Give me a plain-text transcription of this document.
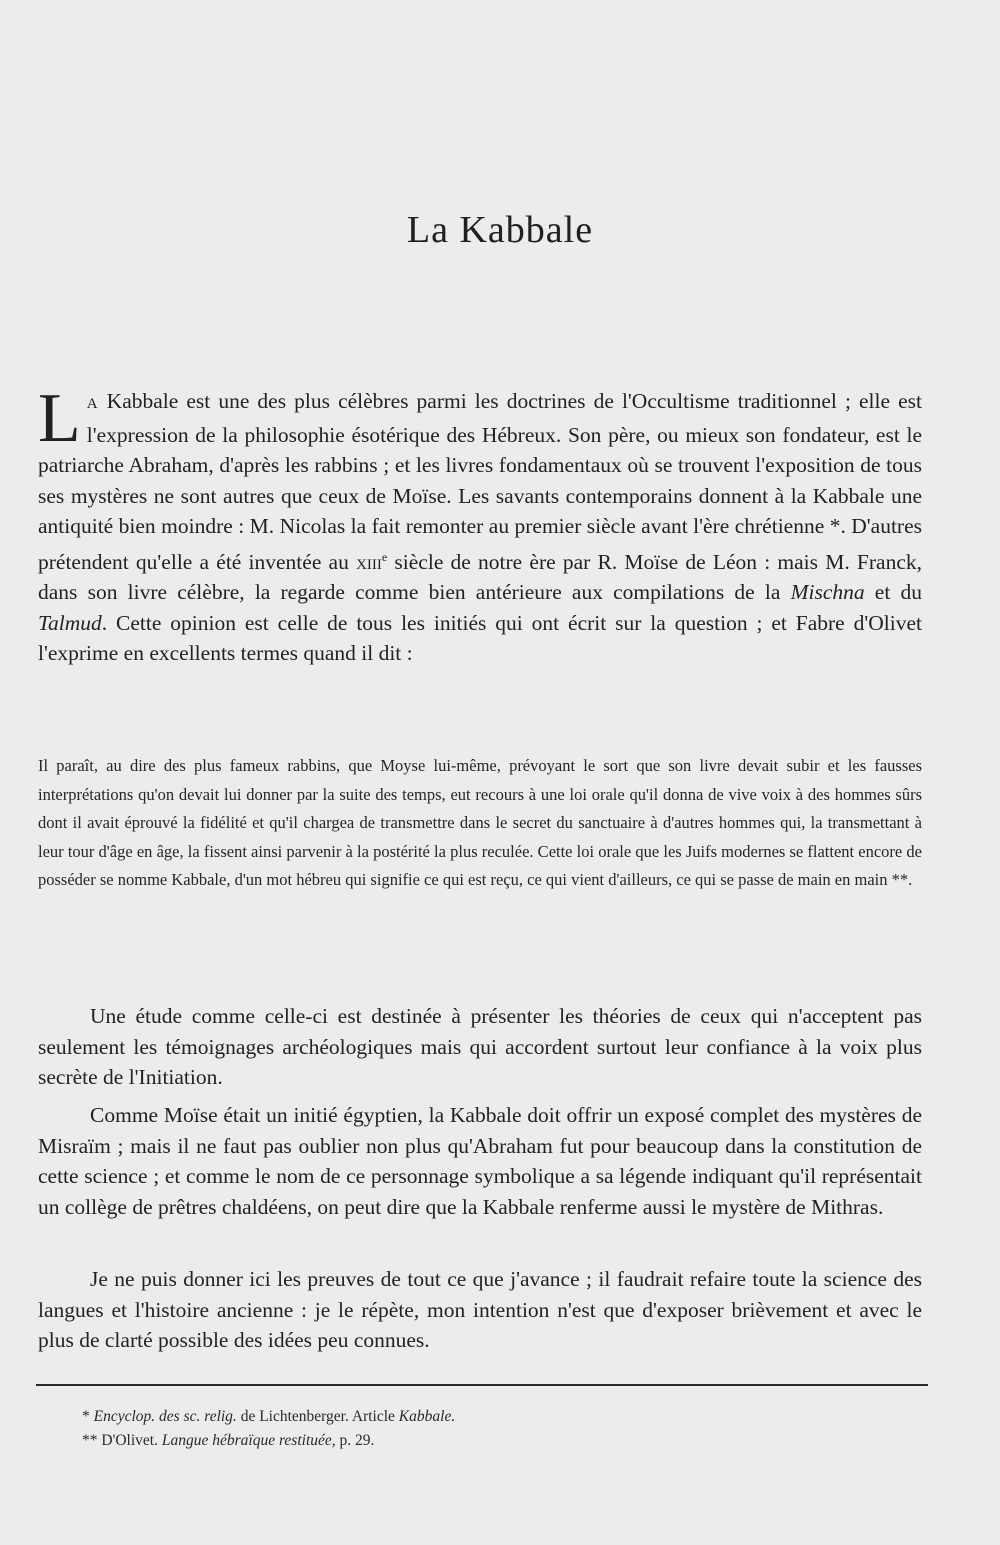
La Kabbale

L A Kabbale est une des plus célèbres parmi les doctrines de l'Occultisme traditionnel ; elle est l'expression de la philosophie ésotérique des Hébreux. Son père, ou mieux son fondateur, est le patriarche Abraham, d'après les rabbins ; et les livres fondamentaux où se trouvent l'exposition de tous ses mystères ne sont autres que ceux de Moïse. Les savants contemporains donnent à la Kabbale une antiquité bien moindre : M. Nicolas la fait remonter au premier siècle avant l'ère chrétienne *. D'autres prétendent qu'elle a été inventée au xiii$^e$ siècle de notre ère par R. Moïse de Léon : mais M. Franck, dans son livre célèbre, la regarde comme bien antérieure aux compilations de la Mischna et du Talmud. Cette opinion est celle de tous les initiés qui ont écrit sur la question ; et Fabre d'Olivet l'exprime en excellents termes quand il dit :

Il paraît, au dire des plus fameux rabbins, que Moyse lui-même, prévoyant le sort que son livre devait subir et les fausses interprétations qu'on devait lui donner par la suite des temps, eut recours à une loi orale qu'il donna de vive voix à des hommes sûrs dont il avait éprouvé la fidélité et qu'il chargea de transmettre dans le secret du sanctuaire à d'autres hommes qui, la transmettant à leur tour d'âge en âge, la fissent ainsi parvenir à la postérité la plus reculée. Cette loi orale que les Juifs modernes se flattent encore de posséder se nomme Kabbale, d'un mot hébreu qui signifie ce qui est reçu, ce qui vient d'ailleurs, ce qui se passe de main en main **.

Une étude comme celle-ci est destinée à présenter les théories de ceux qui n'acceptent pas seulement les témoignages archéologiques mais qui accordent surtout leur confiance à la voix plus secrète de l'Initiation.

Comme Moïse était un initié égyptien, la Kabbale doit offrir un exposé complet des mystères de Misraïm ; mais il ne faut pas oublier non plus qu'Abraham fut pour beaucoup dans la constitution de cette science ; et comme le nom de ce personnage symbolique a sa légende indiquant qu'il représentait un collège de prêtres chaldéens, on peut dire que la Kabbale renferme aussi le mystère de Mithras.

Je ne puis donner ici les preuves de tout ce que j'avance ; il faudrait refaire toute la science des langues et l'histoire ancienne : je le répète, mon intention n'est que d'exposer brièvement et avec le plus de clarté possible des idées peu connues.

* Encyclop. des sc. relig. de Lichtenberger. Article Kabbale.

** D'Olivet. Langue hébraïque restituée, p. 29.
